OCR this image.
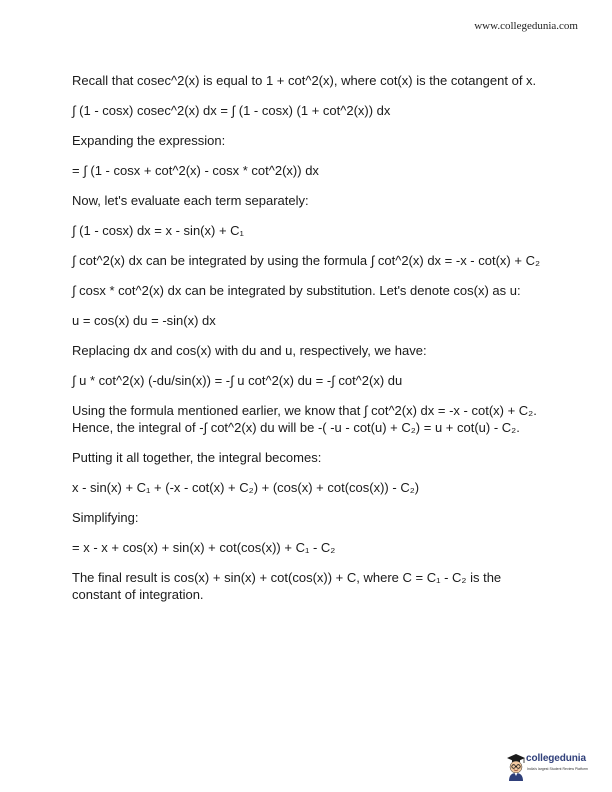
www.collegedunia.com

Recall that cosec^2(x) is equal to 1 + cot^2(x), where cot(x) is the cotangent of x.

∫ (1 - cosx) cosec^2(x) dx = ∫ (1 - cosx) (1 + cot^2(x)) dx

Expanding the expression:

= ∫ (1 - cosx + cot^2(x) - cosx * cot^2(x)) dx

Now, let's evaluate each term separately:

∫ (1 - cosx) dx = x - sin(x) + C₁

∫ cot^2(x) dx can be integrated by using the formula ∫ cot^2(x) dx = -x - cot(x) + C₂

∫ cosx * cot^2(x) dx can be integrated by substitution. Let's denote cos(x) as u:

u = cos(x) du = -sin(x) dx

Replacing dx and cos(x) with du and u, respectively, we have:

∫ u * cot^2(x) (-du/sin(x)) = -∫ u cot^2(x) du = -∫ cot^2(x) du

Using the formula mentioned earlier, we know that ∫ cot^2(x) dx = -x - cot(x) + C₂. Hence, the integral of -∫ cot^2(x) du will be -( -u - cot(u) + C₂) = u + cot(u) - C₂.

Putting it all together, the integral becomes:

x - sin(x) + C₁ + (-x - cot(x) + C₂) + (cos(x) + cot(cos(x)) - C₂)

Simplifying:

= x - x + cos(x) + sin(x) + cot(cos(x)) + C₁ - C₂

The final result is cos(x) + sin(x) + cot(cos(x)) + C, where C = C₁ - C₂ is the constant of integration.

collegedunia
India's largest Student Review Platform
